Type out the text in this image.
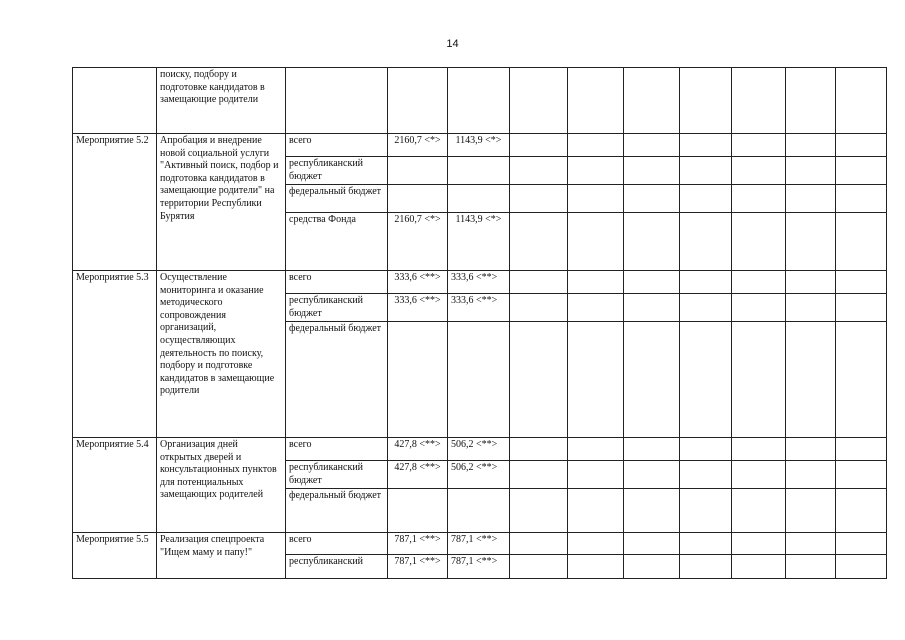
14
	поиску, подбору и подготовке кандидатов в замещающие родители										
Мероприятие 5.2	Апробация и внедрение новой социальной услуги "Активный поиск, подбор и подготовка кандидатов в замещающие родители" на территории Республики Бурятия	всего	2160,7 <*>	1143,9 <*>							
		республиканский бюджет									
		федеральный бюджет									
		средства Фонда	2160,7 <*>	1143,9 <*>							
Мероприятие 5.3	Осуществление мониторинга и оказание методического сопровождения организаций, осуществляющих деятельность по поиску, подбору и подготовке кандидатов в замещающие родители	всего	333,6 <**>	333,6 <**>							
		республиканский бюджет	333,6 <**>	333,6 <**>							
		федеральный бюджет									
Мероприятие 5.4	Организация дней открытых дверей и консультационных пунктов для потенциальных замещающих родителей	всего	427,8 <**>	506,2 <**>							
		республиканский бюджет	427,8 <**>	506,2 <**>							
		федеральный бюджет									
Мероприятие 5.5	Реализация спецпроекта "Ищем маму и папу!"	всего	787,1 <**>	787,1 <**>							
		республиканский	787,1 <**>	787,1 <**>							
